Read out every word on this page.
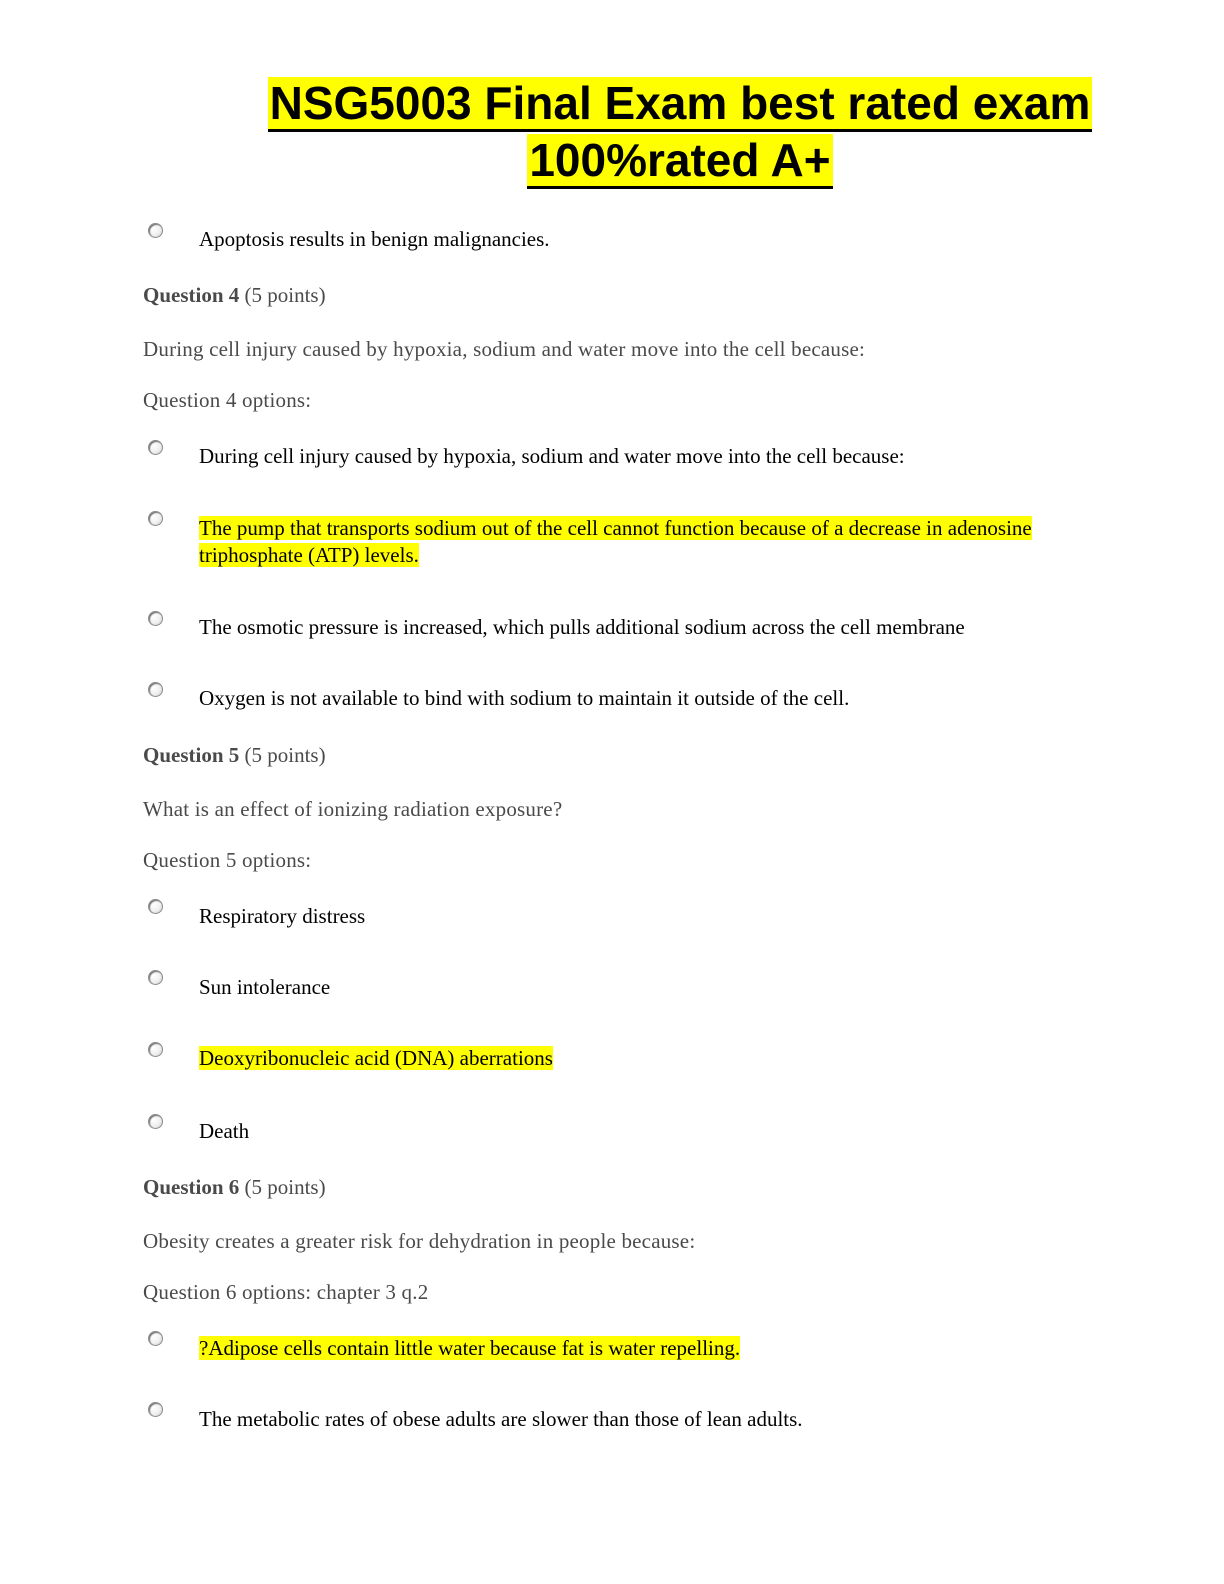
NSG5003 Final Exam best rated exam
100%rated A+
Apoptosis results in benign malignancies.
Question 4 (5 points)
During cell injury caused by hypoxia, sodium and water move into the cell because:
Question 4 options:
During cell injury caused by hypoxia, sodium and water move into the cell because:
The pump that transports sodium out of the cell cannot function because of a decrease in adenosine
triphosphate (ATP) levels.
The osmotic pressure is increased, which pulls additional sodium across the cell membrane
Oxygen is not available to bind with sodium to maintain it outside of the cell.
Question 5 (5 points)
What is an effect of ionizing radiation exposure?
Question 5 options:
Respiratory distress
Sun intolerance
Deoxyribonucleic acid (DNA) aberrations
Death
Question 6 (5 points)
Obesity creates a greater risk for dehydration in people because:
Question 6 options: chapter 3 q.2
?Adipose cells contain little water because fat is water repelling.
The metabolic rates of obese adults are slower than those of lean adults.
